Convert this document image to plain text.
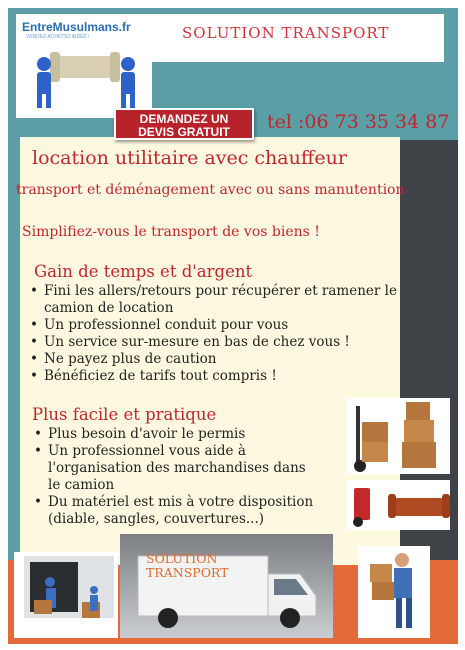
SOLUTION TRANSPORT
EntreMusulmans.fr
VENDEZ ACHETEZ AIDEZ !
DEMANDEZ UN
DEVIS GRATUIT	tel :06 73 35 34 87
location utilitaire avec chauffeur
transport et déménagement avec ou sans manutention
Simplifiez-vous le transport de vos biens !
Gain de temps et d'argent
• Fini les allers/retours pour récupérer et ramener le camion de location
• Un professionnel conduit pour vous
• Un service sur-mesure en bas de chez vous !
• Ne payez plus de caution
• Bénéficiez de tarifs tout compris !
Plus facile et pratique
• Plus besoin d'avoir le permis
• Un professionnel vous aide à l'organisation des marchandises dans le camion
• Du matériel est mis à votre disposition (diable, sangles, couvertures...)
SOLUTION
TRANSPORT
